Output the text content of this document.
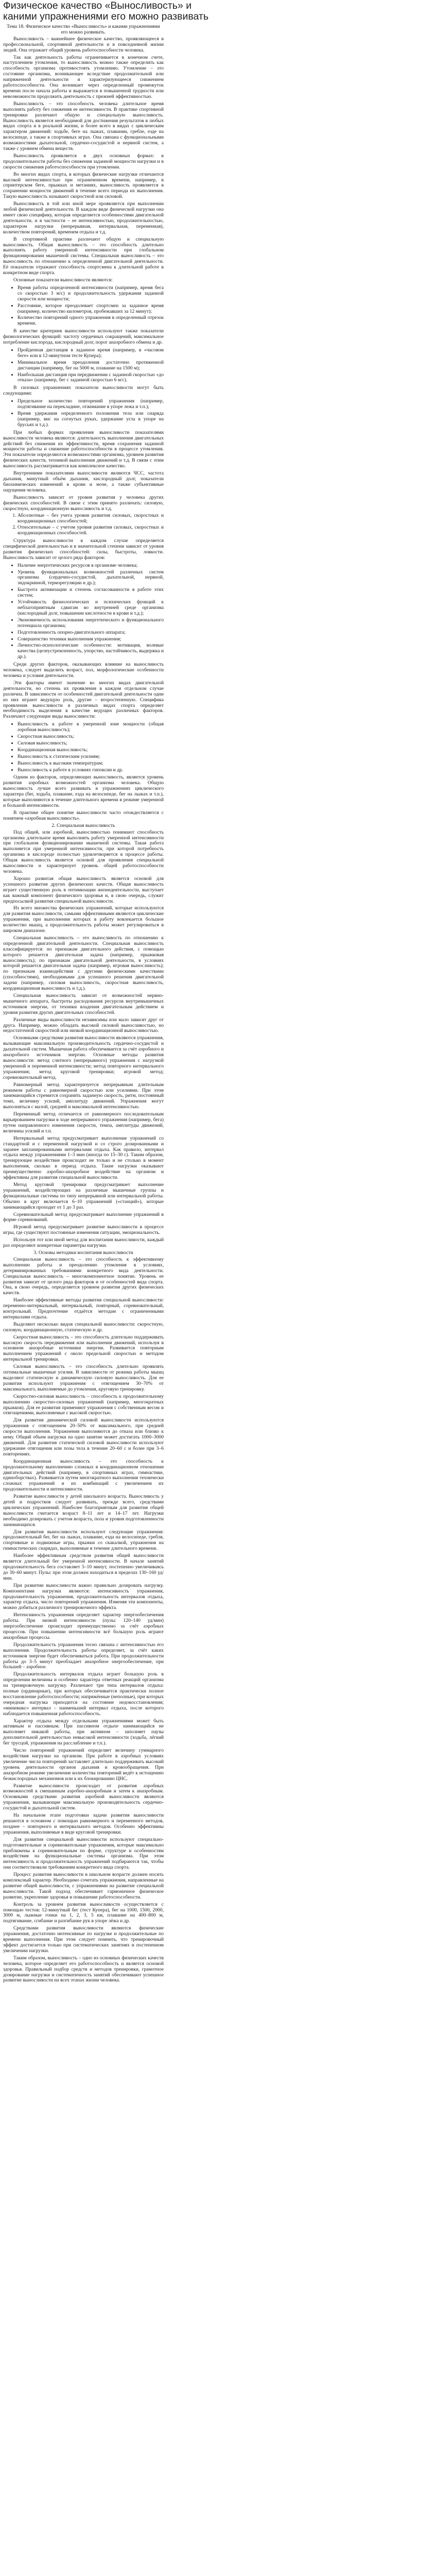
Физическое качество «Выносливость» и каними упражнениями его можно развивать

Тема 18. Физическое качество «Выносливость» и какими упражнениями его можно развивать.

Выносливость – важнейшее физическое качество, проявляющееся в профессиональной, спортивной деятельности и в повседневной жизни людей. Она отражает общий уровень работоспособности человека.

Так как деятельность работы ограничивается в конечном счете, наступлением утомления, то выносливость можно также определить как способность организма противостоять утомлению. Утомление – это состояние организма, возникающее вследствие продолжительной или напряженной деятельности и характеризующееся снижением работоспособности. Она возникает через определенный промежуток времени после начала работы и выражается в повышенной трудности или невозможности продолжить деятельность с прежней эффективностью.

Выносливость – это способность человека длительное время выполнять работу без снижения ее интенсивности. В практике спортивной тренировки различают общую и специальную выносливость. Выносливость является необходимой для достижения результатов в любых видах спорта и в реальной жизни, и более всего в видах с циклическим характером движений: ходьбе, беге на лыжах, плавании, гребле, езде на велосипеде, а также в спортивных играх. Она связана с функциональными возможностями дыхательной, сердечно-сосудистой и нервной систем, а также с уровнем обмена веществ.

Выносливость проявляется в двух основных формах: в продолжительности работы без снижения заданной мощности нагрузки и в скорости снижения работоспособности при утомлении.

Во многих видах спорта, в которых физические нагрузки отличаются высокой интенсивностью при ограниченном времени, например, в спринтерском беге, прыжках и метаниях, выносливость проявляется в сохранении мощности движений в течение всего периода их выполнения. Такую выносливость называют скоростной или силовой.

Выносливость в той или иной мере проявляется при выполнении любой физической деятельности. В каждом виде физической нагрузки она имеет свою специфику, которая определяется особенностями двигательной деятельности, и в частности – ее интенсивностью, продолжительностью, характером нагрузки (непрерывная, интервальная, переменная), количеством повторений, временем отдыха и т.д.

В спортивной практике различают общую и специальную выносливость. Общая выносливость – это способность длительно выполнять работу умеренной интенсивности при глобальном функционировании мышечной системы. Специальная выносливость – это выносливость по отношению к определенной двигательной деятельности. Её показатели отражают способность спортсмена к длительной работе в конкретном виде спорта.

Основные показатели выносливости являются:

• Время работы определенной интенсивности (например, время бега со скоростью 3 м/с) и продолжительность удержания заданной скорости или мощности;
• Расстояние, которое преодолевает спортсмен за заданное время (например, количество километров, пробежавших за 12 минут);
• Количество повторений одного упражнения в определенный отрезок времени.

В качестве критериев выносливости используют также показатели физиологических функций: частоту сердечных сокращений, максимальное потребление кислорода, кислородный долг, порог анаэробного обмена и др.

• Пройденная дистанция в заданное время (например, в «часовом беге» или в 12-минутном тесте Купера);
• Минимальное время преодоления достаточно протяженной дистанции (например, бег на 5000 м, плавание на 1500 м);
• Наибольшая дистанция при передвижении с заданной скоростью «до отказа» (например, бег с заданной скоростью 6 м/с).

В силовых упражнениях показатели выносливости могут быть следующими:

• Предельное количество повторений упражнения (например, подтягивание на перекладине, отжимание в упоре лежа и т.п.);
• Время удержания определенного положения тела или снаряда (например, вис на согнутых руках, удержание угла в упоре на брусьях и т.д.).

При любых формах проявления выносливости показателями выносливости человека являются: длительность выполнения двигательных действий без снижения их эффективности, время сохранения заданной мощности работы и снижение работоспособности в процессе утомления. Эти показатели определяются возможностями организма, уровнем развития физических качеств, техникой выполнения движений и т.д. В связи с этим выносливость рассматривается как комплексное качество.

Внутренними показателями выносливости являются ЧСС, частота дыхания, минутный объём дыхания, кислородный долг, показатели биохимических изменений в крови и моче, а также субъективные ощущения человека.

Выносливость зависит от уровня развития у человека других физических способностей. В связи с этим принято различать: силовую, скоростную, координационную выносливость и т.д.

1. Абсолютные – без учета уровня развития силовых, скоростных и координационных способностей;
2. Относительные – с учетом уровня развития силовых, скоростных и координационных способностей.

Структура выносливости в каждом случае определяется специфической деятельностью и в значительной степени зависит от уровня развития физических способностей: силы, быстроты, ловкости. Выносливость зависит от целого ряда факторов:

• Наличие энергетических ресурсов в организме человека;
• Уровень функциональных возможностей различных систем организма (сердечно-сосудистой, дыхательной, нервной, эндокринной, терморегуляции и др.);
• Быстрота активизации и степень согласованности в работе этих систем;
• Устойчивость физиологических и психических функций к неблагоприятным сдвигам во внутренней среде организма (кислородный долг, повышение кислотности в крови и т.д.);
• Экономичность использования энергетического и функционального потенциала организма;
• Подготовленность опорно-двигательного аппарата;
• Совершенство техники выполнения упражнения;
• Личностно-психологические особенности: мотивация, волевые качества (целеустремленность, упорство, настойчивость, выдержка и др.).

Среди других факторов, оказывающих влияние на выносливость человека, следует выделить возраст, пол, морфологические особенности человека и условия деятельности.

Эти факторы имеют значение во многих видах двигательной деятельности, но степень их проявления в каждом отдельном случае различна. В зависимости от особенностей двигательной деятельности одни из них играют ведущую роль, другие – второстепенную. Специфика проявления выносливости в различных видах спорта определяет необходимость выделения в качестве ведущих различных факторов. Различают следующие виды выносливости:

• Выносливость к работе в умеренной зоне мощности (общая аэробная выносливость);
• Скоростная выносливость;
• Силовая выносливость;
• Координационная выносливость;
• Выносливость к статическим усилиям;
• Выносливость к высоким температурам;
• Выносливость к работе в условиях гипоксии и др.

Одним из факторов, определяющих выносливость, является уровень развития аэробных возможностей организма человека. Общую выносливость лучше всего развивать в упражнениях циклического характера (бег, ходьба, плавание, езда на велосипеде, бег на лыжах и т.п.), которые выполняются в течение длительного времени в режиме умеренной и большой интенсивности.

В практике общее понятие выносливости часто отождествляется с понятием «аэробная выносливость».

2. Специальная выносливость

Под общей, или аэробной, выносливостью понимают способность организма длительное время выполнять работу умеренной интенсивности при глобальном функционировании мышечной системы. Такая работа выполняется при умеренной интенсивности, при которой потребность организма в кислороде полностью удовлетворяется в процессе работы. Общая выносливость является основой для проявления специальной выносливости и характеризует уровень общей работоспособности человека.

Хорошо развитая общая выносливость является основой для успешного развития других физических качеств. Общая выносливость играет существенную роль в оптимизации жизнедеятельности, выступает как важный компонент физического здоровья и, в свою очередь, служит предпосылкой развития специальной выносливости.

Из всего множества физических упражнений, которые используются для развития выносливости, самыми эффективными являются циклические упражнения, при выполнении которых в работу вовлекается большое количество мышц, а продолжительность работы может регулироваться в широком диапазоне.

Специальная выносливость – это выносливость по отношению к определенной двигательной деятельности. Специальная выносливость классифицируется: по признакам двигательного действия, с помощью которого решается двигательная задача (например, прыжковая выносливость); по признакам двигательной деятельности, в условиях которой решается двигательная задача (например, игровая выносливость); по признакам взаимодействия с другими физическими качествами (способностями), необходимыми для успешного решения двигательной задачи (например, силовая выносливость, скоростная выносливость, координационная выносливость и т.д.).

Специальная выносливость зависит от возможностей нервно-мышечного аппарата, быстроты расходования ресурсов внутримышечных источников энергии, от техники владения двигательным действием и уровня развития других двигательных способностей.

Различные виды выносливости независимы или мало зависят друг от друга. Например, можно обладать высокой силовой выносливостью, но недостаточной скоростной или низкой координационной выносливостью.

Основными средствами развития выносливости являются упражнения, вызывающие максимальную производительность сердечно-сосудистой и дыхательной систем. Мышечная работа обеспечивается за счёт аэробного и анаэробного источников энергии. Основные методы развития выносливости: метод слитного (непрерывного) упражнения с нагрузкой умеренной и переменной интенсивности; метод повторного интервального упражнения; метод круговой тренировки; игровой метод; соревновательный метод.

Равномерный метод характеризуется непрерывным длительным режимом работы с равномерной скоростью или усилиями. При этом занимающийся стремится сохранить заданную скорость, ритм, постоянный темп, величину усилий, амплитуду движений. Упражнения могут выполняться с малой, средней и максимальной интенсивностью.

Переменный метод отличается от равномерного последовательным варьированием нагрузки в ходе непрерывного упражнения (например, бега) путем направленного изменения скорости, темпа, амплитуды движений, величины усилий и т.п.

Интервальный метод предусматривает выполнение упражнений со стандартной и с переменной нагрузкой и со строго дозированными и заранее запланированными интервалами отдыха. Как правило, интервал отдыха между упражнениями 1–3 мин (иногда по 15–30 с). Таким образом, тренирующее воздействие происходит не только и не столько в момент выполнения, сколько в период отдыха. Такие нагрузки оказывают преимущественно аэробно-анаэробное воздействие на организм и эффективны для развития специальной выносливости.

Метод круговой тренировки предусматривает выполнение упражнений, воздействующих на различные мышечные группы и функциональные системы по типу непрерывной или интервальной работы. Обычно в круг включается 6–10 упражнений («станций»), которые занимающийся проходит от 1 до 3 раз.

Соревновательный метод предусматривает выполнение упражнений в форме соревнований.

Игровой метод предусматривает развитие выносливости в процессе игры, где существуют постоянные изменения ситуации, эмоциональность.

Используя тот или иной метод для воспитания выносливости, каждый раз определяют конкретные параметры нагрузки.

3. Основы методики воспитания выносливости

Специальная выносливость – это способность к эффективному выполнению работы и преодолению утомления в условиях, детерминированных требованиями конкретного вида деятельности. Специальная выносливость – многокомпонентное понятие. Уровень ее развития зависит от целого ряда факторов и от особенностей вида спорта. Она, в свою очередь, определяется уровнем развития других физических качеств.

Наиболее эффективные методы развития специальной выносливости: переменно-интервальный, интервальный, повторный, соревновательный, контрольный. Предпочтение отдаётся методам с ограниченными интервалами отдыха.

Выделяют несколько видов специальной выносливости: скоростную, силовую, координационную, статическую и др.

Скоростная выносливость – это способность длительно поддерживать высокую скорость передвижения или выполнения движений, используя в основном анаэробные источники энергии. Развивается повторным выполнением упражнений с около предельной скоростью и методом интервальной тренировки.

Силовая выносливость – это способность длительно проявлять оптимальные мышечные усилия. В зависимости от режима работы мышц выделяют статическую и динамическую силовую выносливость. Для ее развития используют упражнения с отягощением 30–70% от максимального, выполняемые до утомления, круговую тренировку.

Скоростно-силовая выносливость – способность к продолжительному выполнению скоростно-силовых упражнений (например, многократных прыжков). Для ее развития применяют упражнения с собственным весом и отягощениями, выполняемые с высокой скоростью.

Для развития динамической силовой выносливости используются упражнения с отягощением 20–50% от максимального, при средней скорости выполнения. Упражнения выполняются до отказа или близко к нему. Общий объем нагрузки на одно занятие может достигать 1000–3000 движений. Для развития статической силовой выносливости используют удержание отягощения или позы тела в течение 20–60 с и более при 3–6 повторениях.

Координационная выносливость – это способность к продолжительному выполнению сложных в координационном отношении двигательных действий (например, в спортивных играх, гимнастике, единоборствах). Развивается путем многократного выполнения технически сложных упражнений и их комбинаций с увеличением их продолжительности и интенсивности.

Развитие выносливости у детей школьного возраста. Выносливость у детей и подростков следует развивать, прежде всего, средствами циклических упражнений. Наиболее благоприятным для развития общей выносливости считается возраст 8–11 лет и 14–17 лет. Нагрузки необходимо дозировать с учетом возраста, пола и уровня подготовленности занимающихся.

Для развития выносливости используют следующие упражнения: продолжительный бег, бег на лыжах, плавание, езда на велосипеде, гребля, спортивные и подвижные игры, прыжки со скакалкой, упражнения на гимнастических снарядах, выполняемые в течение длительного времени.

Наиболее эффективным средством развития общей выносливости является длительный бег умеренной интенсивности. В начале занятий продолжительность бега составляет 5–10 минут, постепенно увеличиваясь до 30–60 минут. Пульс при этом должен находиться в пределах 130–160 уд/мин.

При развитии выносливости важно правильно дозировать нагрузку. Компонентами нагрузки являются: интенсивность упражнения, продолжительность упражнения, продолжительность интервалов отдыха, характер отдыха, число повторений упражнения. Изменяя эти компоненты, можно добиться различного тренировочного эффекта.

Интенсивность упражнения определяет характер энергообеспечения работы. При низкой интенсивности (пульс 120–140 уд/мин) энергообеспечение происходит преимущественно за счёт аэробных процессов. При повышении интенсивности всё большую роль играют анаэробные процессы.

Продолжительность упражнения тесно связана с интенсивностью его выполнения. Продолжительность работы определяет, за счёт каких источников энергии будет обеспечиваться работа. При продолжительности работы до 3–5 минут преобладает анаэробное энергообеспечение, при большей – аэробное.

Продолжительность интервалов отдыха играет большую роль в определении величины и особенно характера ответных реакций организма на тренировочную нагрузку. Различают три типа интервалов отдыха: полные (ординарные), при которых обеспечивается практически полное восстановление работоспособности; напряжённые (неполные), при которых очередная нагрузка приходится на состояние недовосстановления; «минимакс» интервал – наименьший интервал отдыха, после которого наблюдается повышенная работоспособность.

Характер отдыха между отдельными упражнениями может быть активным и пассивным. При пассивном отдыхе занимающийся не выполняет никакой работы, при активном – заполняет паузы дополнительной деятельностью невысокой интенсивности (ходьба, лёгкий бег трусцой, упражнения на расслабление и т.п.).

Число повторений упражнений определяет величину суммарного воздействия нагрузки на организм. При работе в аэробных условиях увеличение числа повторений заставляет длительно поддерживать высокий уровень деятельности органов дыхания и кровообращения. При анаэробном режиме увеличение количества повторений ведёт к истощению безкислородных механизмов или к их блокированию ЦНС.

Развитие выносливости происходит от развития аэробных возможностей к смешанным аэробно-анаэробным и затем к анаэробным. Основными средствами развития аэробной выносливости являются упражнения, вызывающие максимальную производительность сердечно-сосудистой и дыхательной систем.

На начальном этапе подготовки задачи развития выносливости решаются в основном с помощью равномерного и переменного методов, позднее – повторного и интервального методов. Особенно эффективны упражнения, выполняемые в виде круговой тренировки.

Для развития специальной выносливости используют специально-подготовительные и соревновательные упражнения, которые максимально приближены к соревновательным по форме, структуре и особенностям воздействия на функциональные системы организма. При этом интенсивность и продолжительность упражнений подбираются так, чтобы они соответствовали требованиям конкретного вида спорта.

Процесс развития выносливости в школьном возрасте должен носить комплексный характер. Необходимо сочетать упражнения, направленные на развитие общей выносливости, с упражнениями на развитие специальной выносливости. Такой подход обеспечивает гармоничное физическое развитие, укрепление здоровья и повышение работоспособности.

Контроль за уровнем развития выносливости осуществляется с помощью тестов: 12-минутный бег (тест Купера), бег на 1000, 1500, 2000, 3000 м, лыжные гонки на 1, 2, 3, 5 км, плавание на 400–800 м, подтягивание, сгибание и разгибание рук в упоре лёжа и др.

Средствами развития выносливости являются физические упражнения, достаточно интенсивные по нагрузке и продолжительные по времени выполнения. При этом следует помнить, что тренировочный эффект достигается только при систематических занятиях и постепенном увеличении нагрузки.

Таким образом, выносливость – одно из основных физических качеств человека, которое определяет его работоспособность и является основой здоровья. Правильный подбор средств и методов тренировки, грамотное дозирование нагрузки и систематичность занятий обеспечивают успешное развитие выносливости на всех этапах жизни человека.
